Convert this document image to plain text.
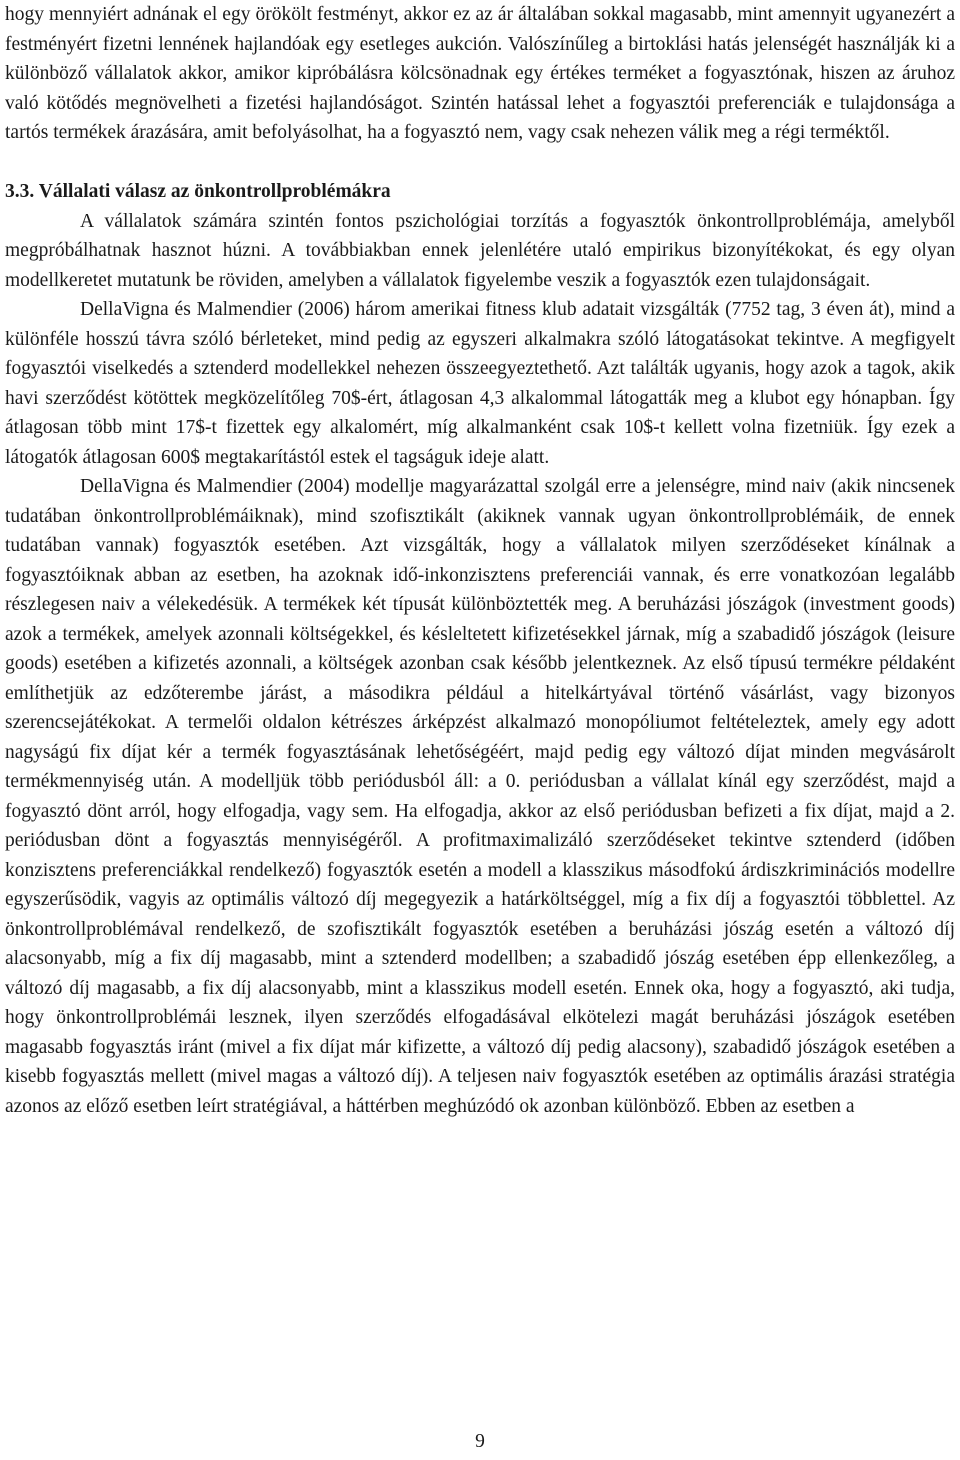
hogy mennyiért adnának el egy örökölt festményt, akkor ez az ár általában sokkal magasabb, mint amennyit ugyanezért a festményért fizetni lennének hajlandóak egy esetleges aukción. Valószínűleg a birtoklási hatás jelenségét használják ki a különböző vállalatok akkor, amikor kipróbálásra kölcsönadnak egy értékes terméket a fogyasztónak, hiszen az áruhoz való kötődés megnövelheti a fizetési hajlandóságot. Szintén hatással lehet a fogyasztói preferenciák e tulajdonsága a tartós termékek árazására, amit befolyásolhat, ha a fogyasztó nem, vagy csak nehezen válik meg a régi terméktől.

3.3. Vállalati válasz az önkontrollproblémákra

A vállalatok számára szintén fontos pszichológiai torzítás a fogyasztók önkontrollproblémája, amelyből megpróbálhatnak hasznot húzni. A továbbiakban ennek jelenlétére utaló empirikus bizonyítékokat, és egy olyan modellkeretet mutatunk be röviden, amelyben a vállalatok figyelembe veszik a fogyasztók ezen tulajdonságait.

DellaVigna és Malmendier (2006) három amerikai fitness klub adatait vizsgálták (7752 tag, 3 éven át), mind a különféle hosszú távra szóló bérleteket, mind pedig az egyszeri alkalmakra szóló látogatásokat tekintve. A megfigyelt fogyasztói viselkedés a sztenderd modellekkel nehezen összeegyeztethető. Azt találták ugyanis, hogy azok a tagok, akik havi szerződést kötöttek megközelítőleg 70$-ért, átlagosan 4,3 alkalommal látogatták meg a klubot egy hónapban. Így átlagosan több mint 17$-t fizettek egy alkalomért, míg alkalmanként csak 10$-t kellett volna fizetniük. Így ezek a látogatók átlagosan 600$ megtakarítástól estek el tagságuk ideje alatt.

DellaVigna és Malmendier (2004) modellje magyarázattal szolgál erre a jelenségre, mind naiv (akik nincsenek tudatában önkontrollproblémáiknak), mind szofisztikált (akiknek vannak ugyan önkontrollproblémáik, de ennek tudatában vannak) fogyasztók esetében. Azt vizsgálták, hogy a vállalatok milyen szerződéseket kínálnak a fogyasztóiknak abban az esetben, ha azoknak idő-inkonzisztens preferenciái vannak, és erre vonatkozóan legalább részlegesen naiv a vélekedésük. A termékek két típusát különböztették meg. A beruházási jószágok (investment goods) azok a termékek, amelyek azonnali költségekkel, és késleltetett kifizetésekkel járnak, míg a szabadidő jószágok (leisure goods) esetében a kifizetés azonnali, a költségek azonban csak később jelentkeznek. Az első típusú termékre példaként említhetjük az edzőterembe járást, a másodikra például a hitelkártyával történő vásárlást, vagy bizonyos szerencsejátékokat. A termelői oldalon kétrészes árképzést alkalmazó monopóliumot feltételeztek, amely egy adott nagyságú fix díjat kér a termék fogyasztásának lehetőségéért, majd pedig egy változó díjat minden megvásárolt termékmennyiség után. A modelljük több periódusból áll: a 0. periódusban a vállalat kínál egy szerződést, majd a fogyasztó dönt arról, hogy elfogadja, vagy sem. Ha elfogadja, akkor az első periódusban befizeti a fix díjat, majd a 2. periódusban dönt a fogyasztás mennyiségéről. A profitmaximalizáló szerződéseket tekintve sztenderd (időben konzisztens preferenciákkal rendelkező) fogyasztók esetén a modell a klasszikus másodfokú árdiszkriminációs modellre egyszerűsödik, vagyis az optimális változó díj megegyezik a határköltséggel, míg a fix díj a fogyasztói többlettel. Az önkontrollproblémával rendelkező, de szofisztikált fogyasztók esetében a beruházási jószág esetén a változó díj alacsonyabb, míg a fix díj magasabb, mint a sztenderd modellben; a szabadidő jószág esetében épp ellenkezőleg, a változó díj magasabb, a fix díj alacsonyabb, mint a klasszikus modell esetén. Ennek oka, hogy a fogyasztó, aki tudja, hogy önkontrollproblémái lesznek, ilyen szerződés elfogadásával elkötelezi magát beruházási jószágok esetében magasabb fogyasztás iránt (mivel a fix díjat már kifizette, a változó díj pedig alacsony), szabadidő jószágok esetében a kisebb fogyasztás mellett (mivel magas a változó díj). A teljesen naiv fogyasztók esetében az optimális árazási stratégia azonos az előző esetben leírt stratégiával, a háttérben meghúzódó ok azonban különböző. Ebben az esetben a

9
